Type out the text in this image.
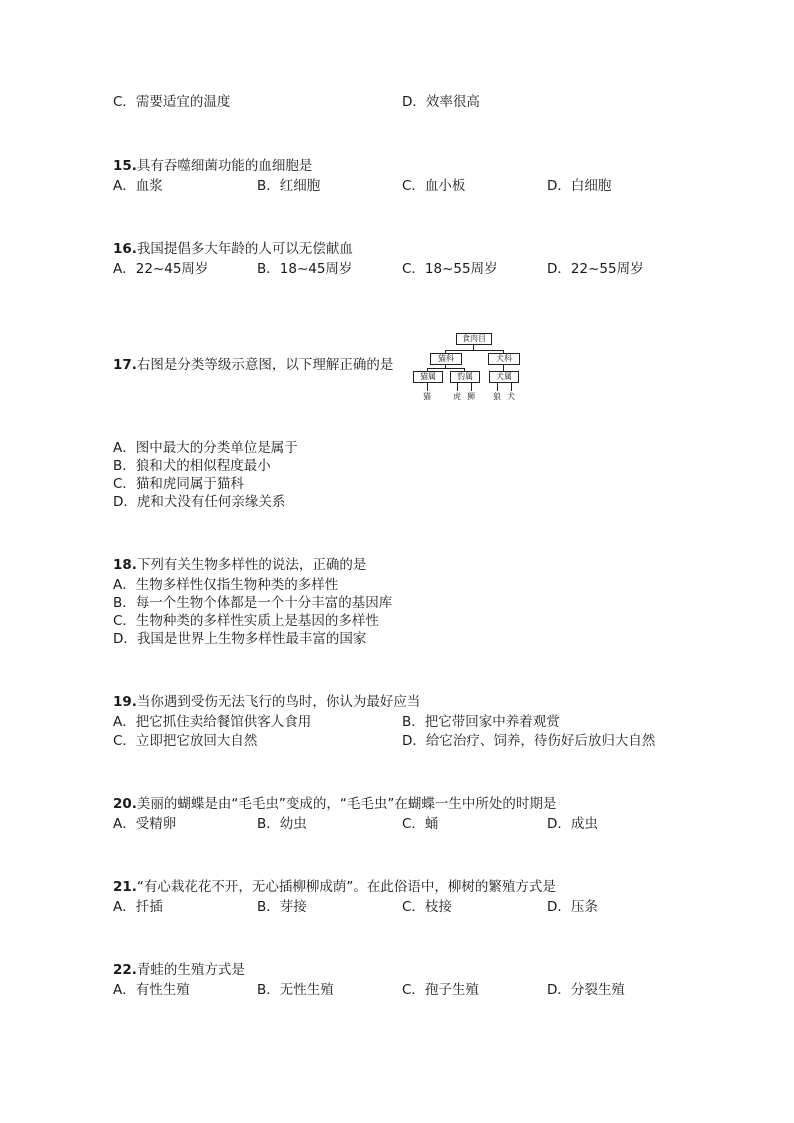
C．需要适宜的温度	D．效率很高
15.具有吞噬细菌功能的血细胞是
A．血浆	B．红细胞	C．血小板	D．白细胞
16.我国提倡多大年龄的人可以无偿献血
A．22~45周岁	B．18~45周岁	C．18~55周岁	D．22~55周岁
17.右图是分类等级示意图，以下理解正确的是
食肉目
猫科	犬科
猫属	豹属	犬属
猫	虎 狮 狼 犬
A．图中最大的分类单位是属于
B．狼和犬的相似程度最小
C．猫和虎同属于猫科
D．虎和犬没有任何亲缘关系
18.下列有关生物多样性的说法，正确的是
A．生物多样性仅指生物种类的多样性
B．每一个生物个体都是一个十分丰富的基因库
C．生物种类的多样性实质上是基因的多样性
D．我国是世界上生物多样性最丰富的国家
19.当你遇到受伤无法飞行的鸟时，你认为最好应当
A．把它抓住卖给餐馆供客人食用	B．把它带回家中养着观赏
C．立即把它放回大自然	D．给它治疗、饲养，待伤好后放归大自然
20.美丽的蝴蝶是由“毛毛虫”变成的，“毛毛虫”在蝴蝶一生中所处的时期是
A．受精卵	B．幼虫	C．蛹	D．成虫
21.“有心栽花花不开，无心插柳柳成荫”。在此俗语中，柳树的繁殖方式是
A．扦插	B．芽接	C．枝接	D．压条
22.青蛙的生殖方式是
A．有性生殖	B．无性生殖	C．孢子生殖	D．分裂生殖
